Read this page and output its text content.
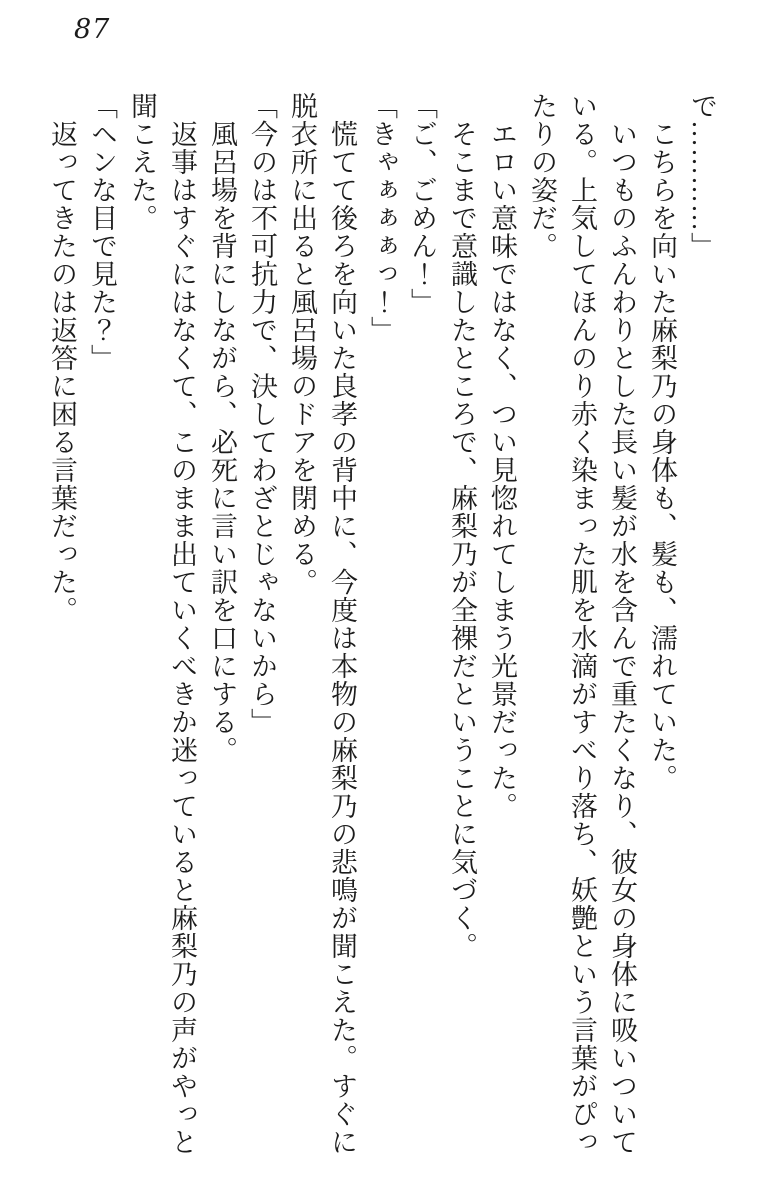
87

で…………」

こちらを向いた麻梨乃の身体も、髪も、濡れていた。

いつものふんわりとした長い髪が水を含んで重たくなり、彼女の身体に吸いついている。上気してほんのり赤く染まった肌を水滴がすべり落ち、妖艶という言葉がぴったりの姿だ。

エロい意味ではなく、つい見惚れてしまう光景だった。

そこまで意識したところで、麻梨乃が全裸だということに気づく。

「ご、ごめん！」

「きゃぁぁぁっ！」

慌てて後ろを向いた良孝の背中に、今度は本物の麻梨乃の悲鳴が聞こえた。すぐに脱衣所に出ると風呂場のドアを閉める。

「今のは不可抗力で、決してわざとじゃないから」

風呂場を背にしながら、必死に言い訳を口にする。

返事はすぐにはなくて、このまま出ていくべきか迷っていると麻梨乃の声がやっと聞こえた。

「ヘンな目で見た？」

返ってきたのは返答に困る言葉だった。
